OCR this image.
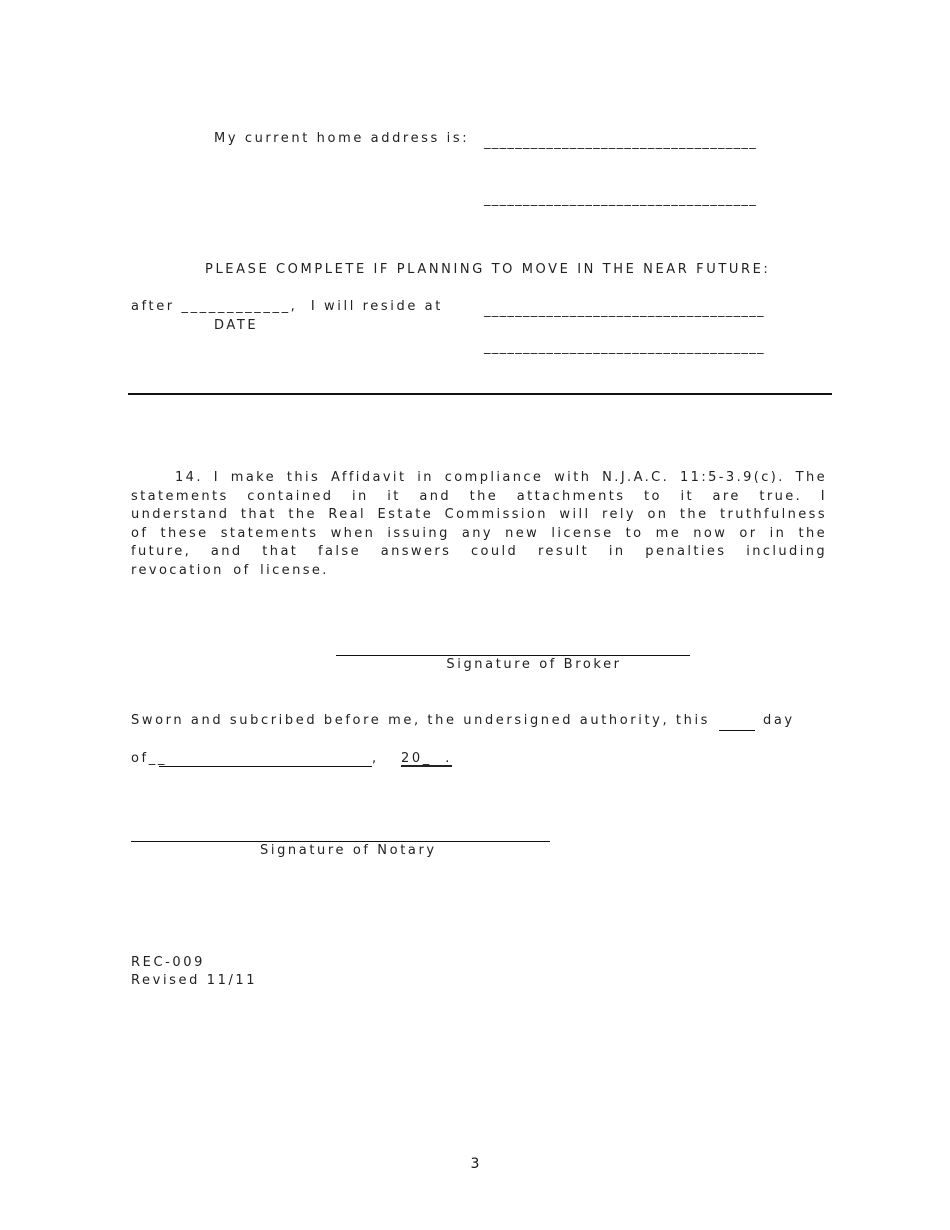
My current home address is: ___________________________________
___________________________________
PLEASE COMPLETE IF PLANNING TO MOVE IN THE NEAR FUTURE:
after ____________,  I will reside at	____________________________________
DATE
____________________________________
14. I make this Affidavit in compliance with N.J.A.C. 11:5-3.9(c). The statements contained in it and the attachments to it are true. I understand that the Real Estate Commission will rely on the truthfulness of these statements when issuing any new license to me now or in the future, and that false answers could result in penalties including revocation of license.
Signature of Broker
Sworn and subcribed before me, the undersigned authority, this	day
of__	, 20_  .
Signature of Notary
REC-009
Revised 11/11
3
